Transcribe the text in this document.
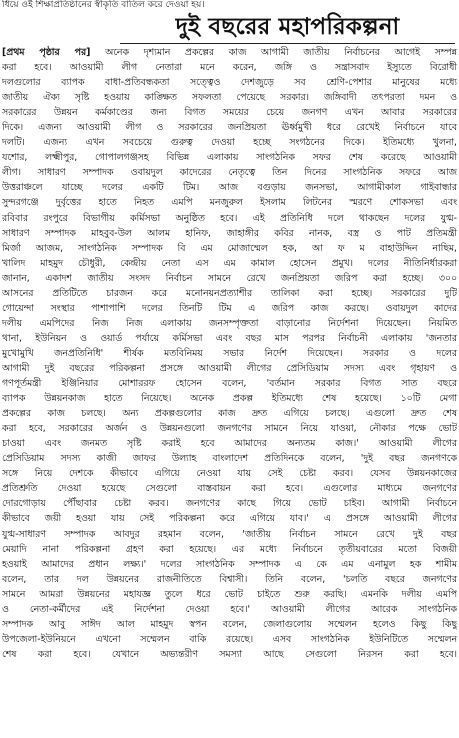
ধিয়ে ওই শিক্ষাপ্রতিষ্ঠানের স্বীকৃতি বাতিল করে দেওয়া হয়।
দুই বছরের মহাপরিকল্পনা
[প্রথম পৃষ্ঠার পর] অনেক দৃশ্যমান প্রকল্পের কাজ আগামী জাতীয় নির্বাচনের আগেই সম্পন্ন
করা হবে। আওয়ামী লীগ নেতারা মনে করেন, জঙ্গি ও সন্ত্রাসবাদ ইস্যুতে বিরোধী
দলগুলোর ব্যাপক বাধা-প্রতিবন্ধকতা সত্ত্বেও দেশজুড়ে সব শ্রেণি-পেশার মানুষের মধ্যে
জাতীয় ঐক্য সৃষ্টি হওয়ায় কাঙ্ক্ষিত সফলতা পেয়েছে সরকার। জঙ্গিবাদী তৎপরতা দমন ও
সরকারের উন্নয়ন কর্মকাণ্ডের জন্য বিগত সময়ের চেয়ে জনগণ এখন আবার সরকারের
দিকে। এজন্য আওয়ামী লীগ ও সরকারের জনপ্রিয়তা ঊর্ধ্বমুখী ধরে রেখেই নির্বাচনে যাবে
দলটি। এজন্য এখন সবচেয়ে গুরুত্ব দেওয়া হচ্ছে সংগঠনের দিকে। ইতিমধ্যে খুলনা,
যশোর, লক্ষ্মীপুর, গোপালগঞ্জসহ বিভিন্ন এলাকায় সাংগঠনিক সফর শেষ করেছে আওয়ামী
লীগ। সাধারণ সম্পাদক ওবায়দুল কাদেরের নেতৃত্বে তিন দিনের সাংগঠনিক সফরে আজ
উত্তরাঞ্চলে যাচ্ছে দলের একটি টিম। আজ বগুড়ায় জনসভা, আগামীকাল গাইবান্ধার
সুন্দরগঞ্জে দুর্বৃত্তের হাতে নিহত এমপি মনজুরুল ইসলাম লিটনের স্মরণে শোকসভা এবং
রবিবার রংপুরে বিভাগীয় কর্মিসভা অনুষ্ঠিত হবে। এই প্রতিনিধি দলে থাকছেন দলের যুগ্ম-
সাধারণ সম্পাদক মাহবুব-উল আলম হানিফ, জাহাঙ্গীর কবির নানক, বস্ত্র ও পাট প্রতিমন্ত্রী
মির্জা আজম, সাংগঠনিক সম্পাদক বি এম মোজাম্মেল হক, আ ফ ম বাহাউদ্দিন নাছিম,
খালিদ মাহমুদ চৌধুরী, কেন্দ্রীয় নেতা এস এম কামাল হোসেন প্রমুখ। দলের নীতিনির্ধারকরা
জানান, একাদশ জাতীয় সংসদ নির্বাচন সামনে রেখে জনপ্রিয়তা জরিপ করা হচ্ছে। ৩০০
আসনের প্রতিটিতে চারজন করে মনোনয়নপ্রত্যাশীর তালিকা করা হচ্ছে। সরকারের দুটি
গোয়েন্দা সংস্থার পাশাপাশি দলের তিনটি টিম এ জরিপ কাজ করছে। ওবায়দুল কাদের
দলীয় এমপিদের নিজ নিজ এলাকায় জনসম্পৃক্ততা বাড়ানোর নির্দেশনা দিয়েছেন। নিয়মিত
থানা, ইউনিয়ন ও ওয়ার্ড পর্যায়ে কর্মিসভা এবং বছর মাস পরপর নির্বাচনী এলাকায় 'জনতার
মুখোমুখি জনপ্রতিনিধি' শীর্ষক মতবিনিময় সভার নির্দেশ দিয়েছেন। সরকার ও দলের
আগামী দুই বছরের পরিকল্পনা প্রসঙ্গে আওয়ামী লীগের প্রেসিডিয়াম সদস্য এবং গৃহায়ণ ও
গণপূর্তমন্ত্রী ইঞ্জিনিয়ার মোশাররফ হোসেন বলেন, 'বর্তমান সরকার বিগত সাত বছরে
ব্যাপক উন্নয়নকাজ হাতে নিয়েছে। অনেক প্রকল্প ইতিমধ্যে শেষ হয়েছে। ১০টি মেগা
প্রকল্পের কাজ চলছে। অন্য প্রকল্পগুলোর কাজ দ্রুত এগিয়ে চলছে। এগুলো দ্রুত শেষ
করা হবে, সরকারের অর্জন ও উন্নয়নগুলো জনগণের সামনে নিয়ে যাওয়া, নৌকার পক্ষে ভোট
চাওয়া এবং জনমত সৃষ্টি করাই হবে আমাদের অন্যতম কাজ।' আওয়ামী লীগের
প্রেসিডিয়াম সদস্য কাজী জাফর উল্যাহ বাংলাদেশ প্রতিদিনকে বলেন, 'দুই বছর জনগণকে
সঙ্গে নিয়ে দেশকে কীভাবে এগিয়ে নেওয়া যায় সেই চেষ্টা করব। যেসব উন্নয়নকাজের
প্রতিশ্রুতি দেওয়া হয়েছে সেগুলো বাস্তবায়ন করা হবে। এগুলোর মাধ্যমে জনগণের
দোরগোড়ায় পৌঁছাবার চেষ্টা করব। জনগণের কাছে গিয়ে ভোট চাইব। আগামী নির্বাচনে
কীভাবে জয়ী হওয়া যায় সেই পরিকল্পনা করে এগিয়ে যাব।' এ প্রসঙ্গে আওয়ামী লীগের
যুগ্ম-সাধারণ সম্পাদক আবদুর রহমান বলেন, 'জাতীয় নির্বাচন সামনে রেখে দুই বছর
মেয়াদি নানা পরিকল্পনা গ্রহণ করা হয়েছে। এর মধ্যে নির্বাচনে তৃতীয়বারের মতো বিজয়ী
হওয়াই আমাদের প্রধান লক্ষ্য।' দলের সাংগঠনিক সম্পাদক এ কে এম এনামুল হক শামীম
বলেন, তার দল উন্নয়নের রাজনীতিতে বিশ্বাসী। তিনি বলেন, 'চলতি বছরে জনগণের
সামনে আমরা উন্নয়নের মহাযজ্ঞ তুলে ধরে ভোট চাইতে শুরু করছি। এমনকি দলীয় এমপি
ও নেতা-কর্মীদের এই নির্দেশনা দেওয়া হবে।' আওয়ামী লীগের আরেক সাংগঠনিক
সম্পাদক আবু সাঈদ আল মাহমুদ স্বপন বলেন, জেলাগুলোয় সম্মেলন হলেও কিছু কিছু
উপজেলা-ইউনিয়নে এখনো সম্মেলন বাকি রয়েছে। এসব সাংগঠনিক ইউনিটিতে সম্মেলন
শেষ করা হবে। যেখানে অভ্যন্তরীণ সমস্যা আছে সেগুলো নিরসন করা হবে।
